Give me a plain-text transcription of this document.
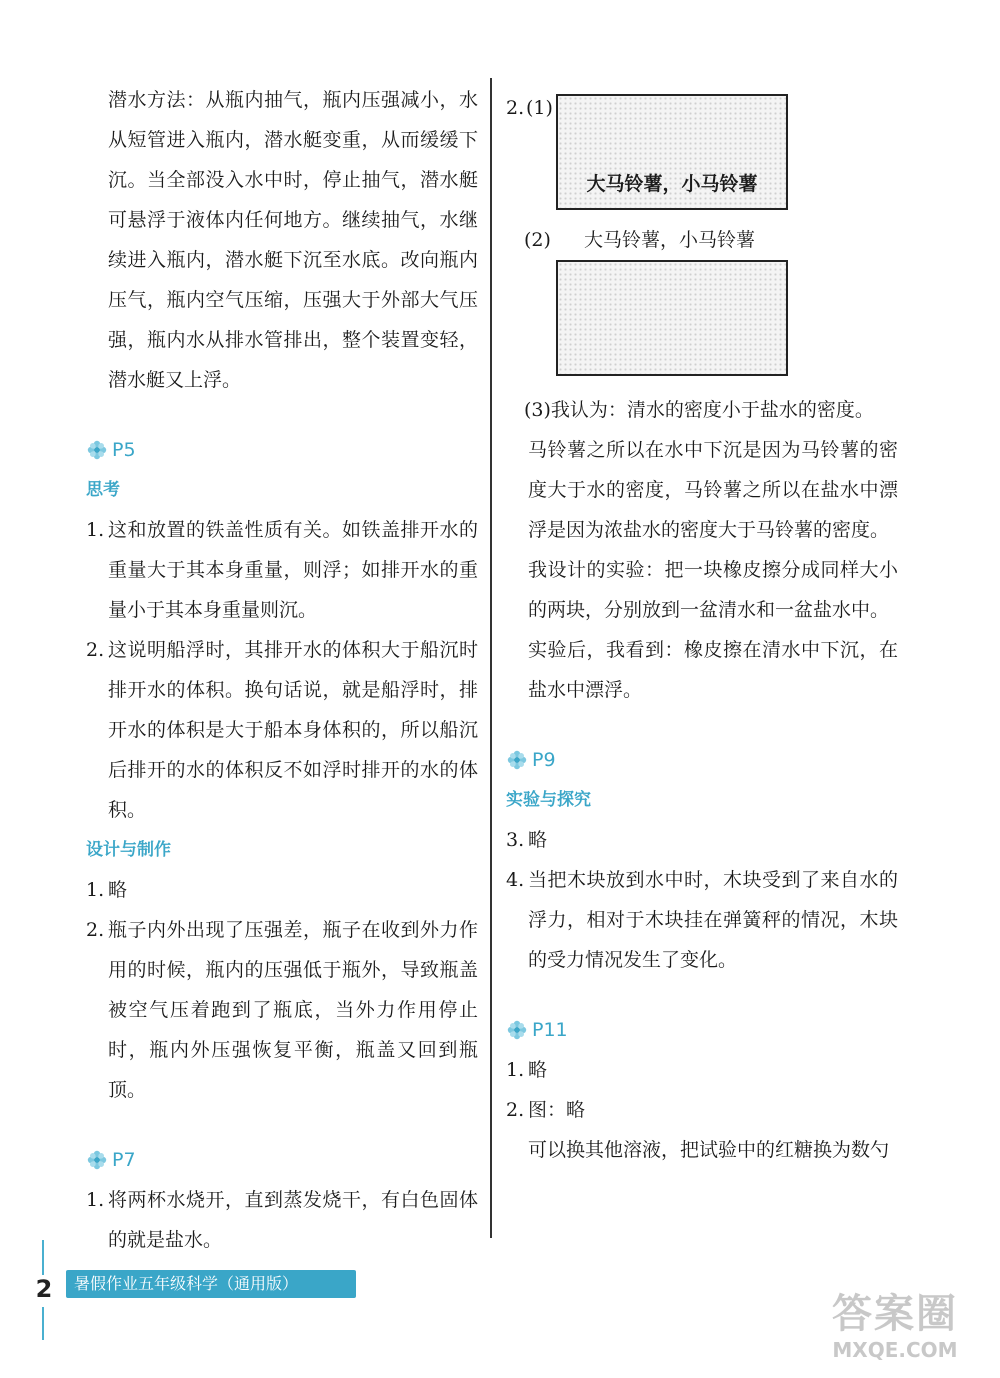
潜水方法：从瓶内抽气，瓶内压强减小，水从短管进入瓶内，潜水艇变重，从而缓缓下沉。当全部没入水中时，停止抽气，潜水艇可悬浮于液体内任何地方。继续抽气，水继续进入瓶内，潜水艇下沉至水底。改向瓶内压气，瓶内空气压缩，压强大于外部大气压强，瓶内水从排水管排出，整个装置变轻，潜水艇又上浮。

P5
思考
1. 这和放置的铁盖性质有关。如铁盖排开水的重量大于其本身重量，则浮；如排开水的重量小于其本身重量则沉。
2. 这说明船浮时，其排开水的体积大于船沉时排开水的体积。换句话说，就是船浮时，排开水的体积是大于船本身体积的，所以船沉后排开的水的体积反不如浮时排开的水的体积。
设计与制作
1. 略
2. 瓶子内外出现了压强差，瓶子在收到外力作用的时候，瓶内的压强低于瓶外，导致瓶盖被空气压着跑到了瓶底，当外力作用停止时，瓶内外压强恢复平衡，瓶盖又回到瓶顶。
P7
1. 将两杯水烧开，直到蒸发烧干，有白色固体的就是盐水。
2. (1)
大马铃薯，小马铃薯
(2)	大马铃薯，小马铃薯
(3) 我认为：清水的密度小于盐水的密度。

马铃薯之所以在水中下沉是因为马铃薯的密度大于水的密度，马铃薯之所以在盐水中漂浮是因为浓盐水的密度大于马铃薯的密度。

我设计的实验：把一块橡皮擦分成同样大小的两块，分别放到一盆清水和一盆盐水中。

实验后，我看到：橡皮擦在清水中下沉，在盐水中漂浮。

P9
实验与探究
3. 略
4. 当把木块放到水中时，木块受到了来自水的浮力，相对于木块挂在弹簧秤的情况，木块的受力情况发生了变化。
P11
1. 略
2. 图：略

可以换其他溶液，把试验中的红糖换为数勺

2	暑假作业五年级科学（通用版）
答案圈
MXQE.COM
